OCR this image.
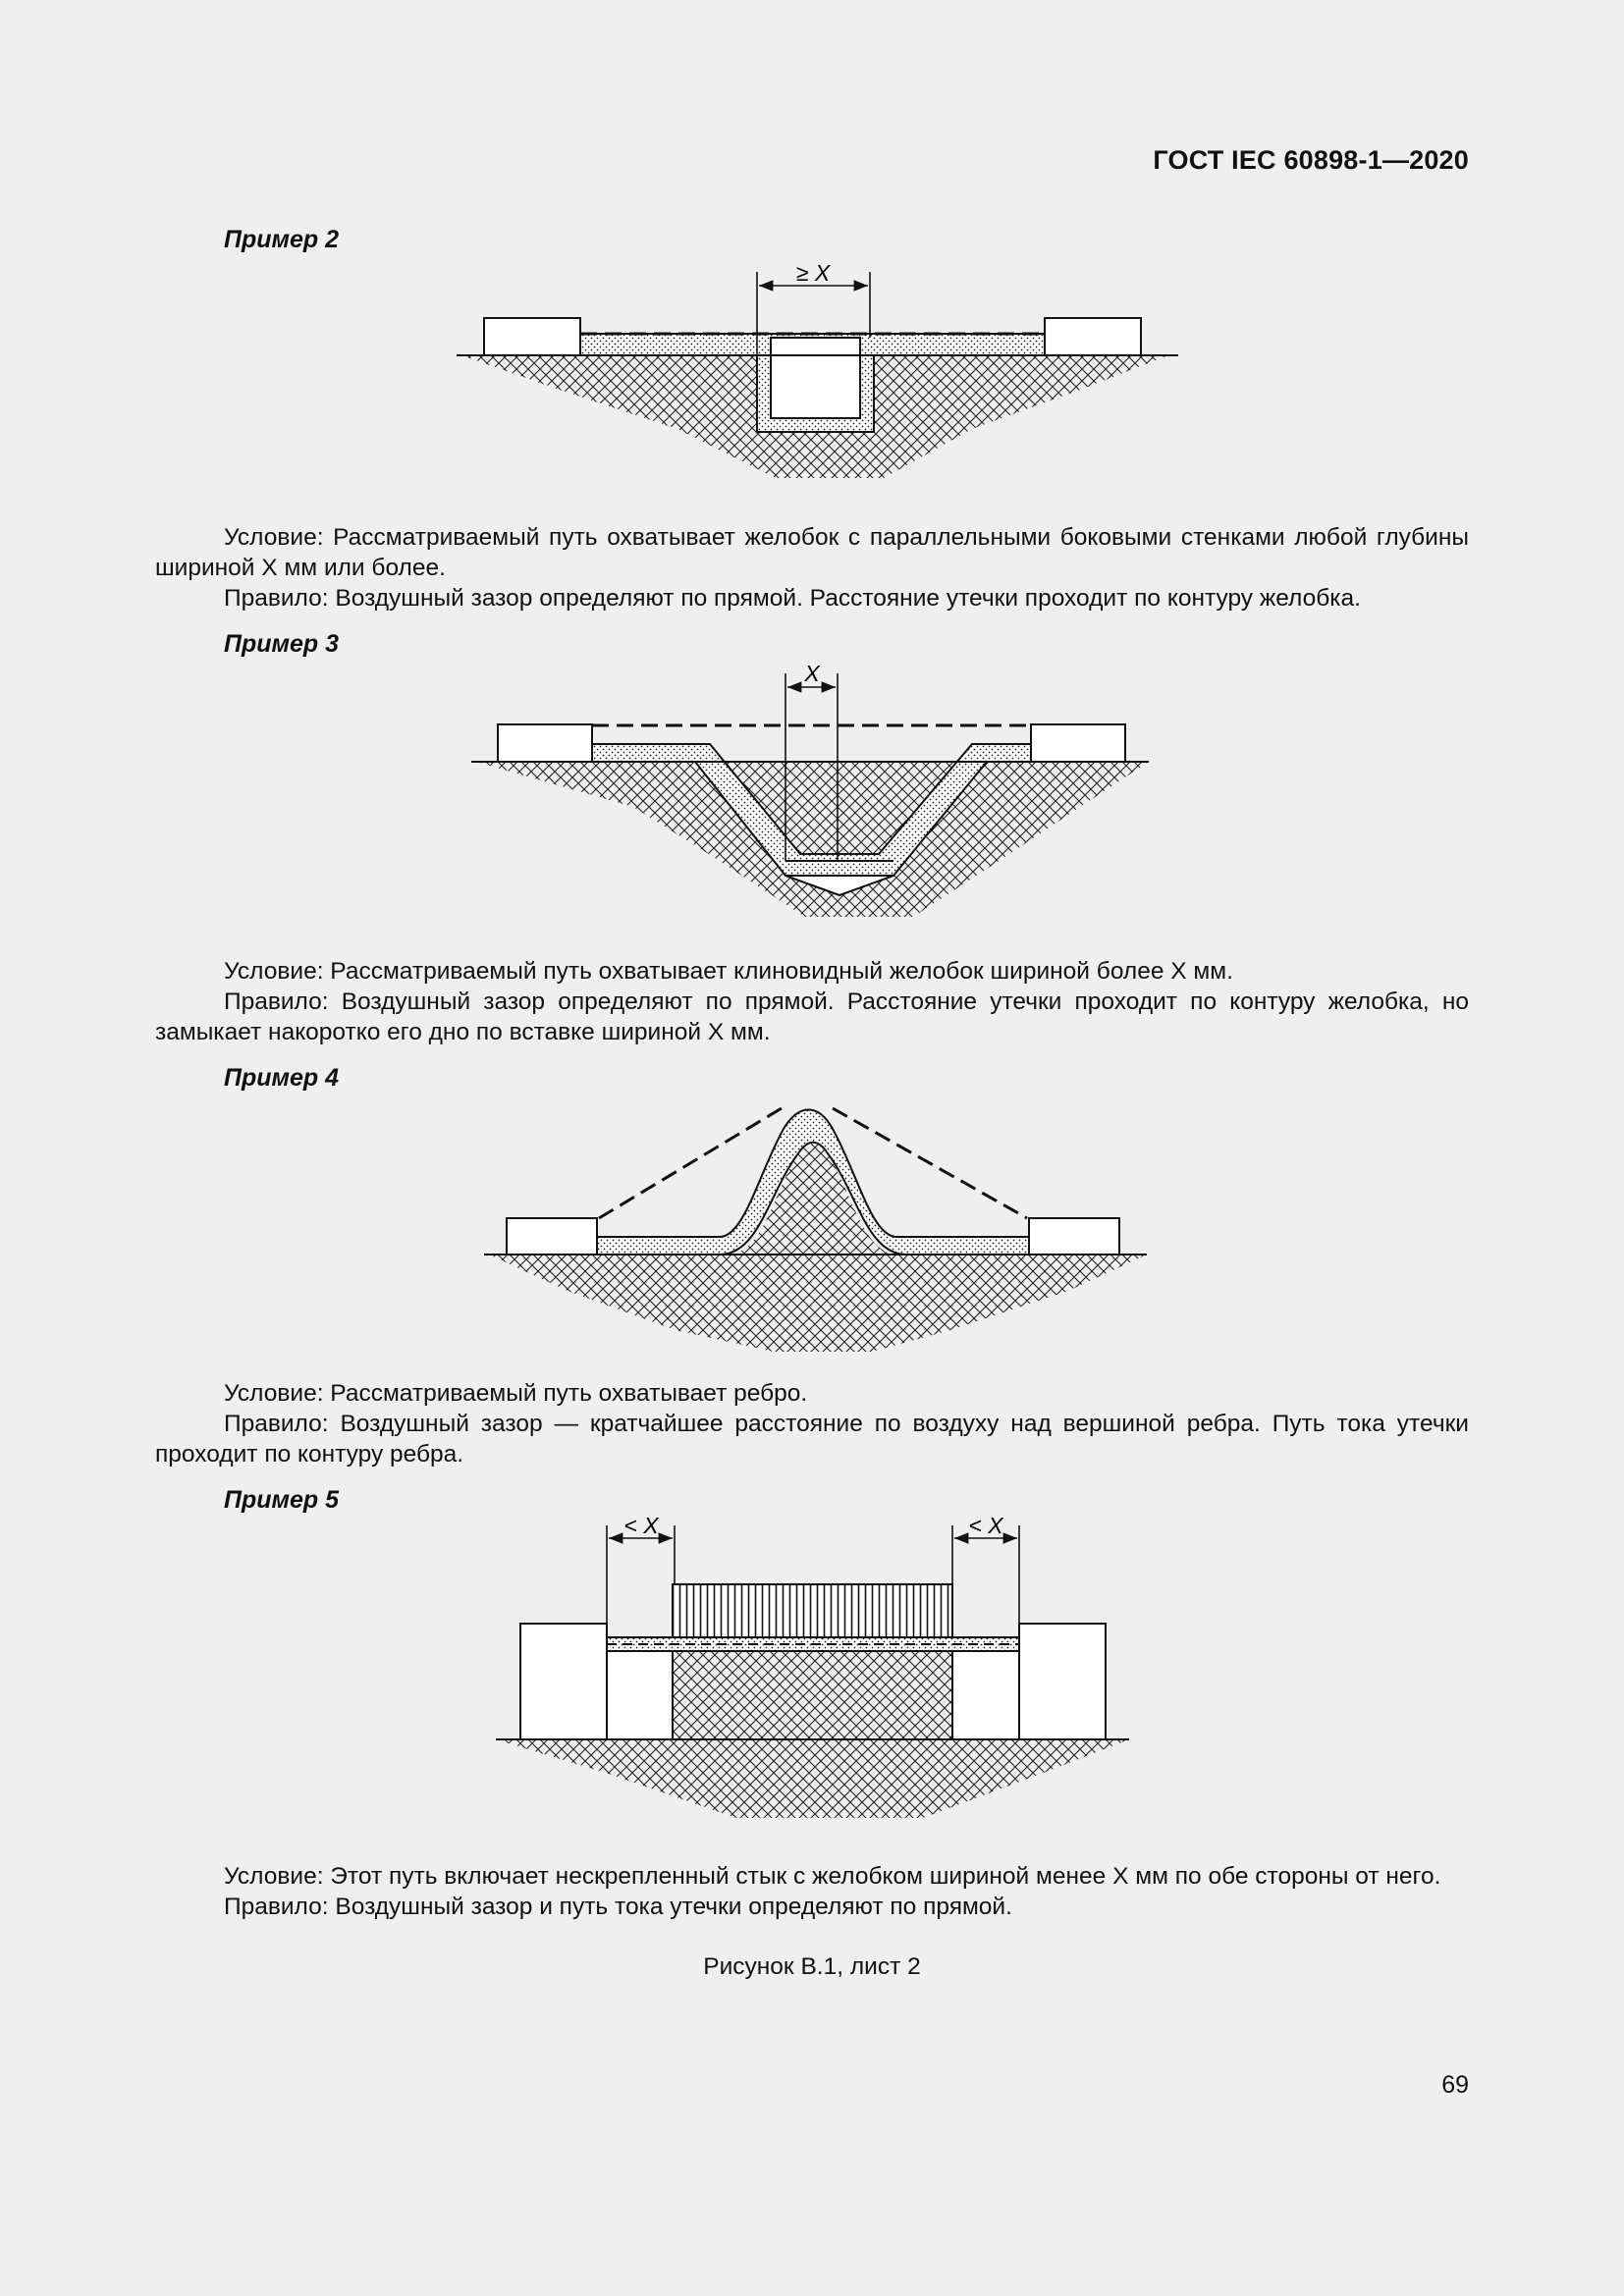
ГОСТ IEC 60898-1—2020
Пример 2
≥ X

Условие: Рассматриваемый путь охватывает желобок с параллельными боковыми стенками любой глубины шириной X мм или более.

Правило: Воздушный зазор определяют по прямой. Расстояние утечки проходит по контуру желобка.

Пример 3
X

Условие: Рассматриваемый путь охватывает клиновидный желобок шириной более X мм.

Правило: Воздушный зазор определяют по прямой. Расстояние утечки проходит по контуру желобка, но замыкает накоротко его дно по вставке шириной X мм.

Пример 4

Условие: Рассматриваемый путь охватывает ребро.

Правило: Воздушный зазор — кратчайшее расстояние по воздуху над вершиной ребра. Путь тока утечки проходит по контуру ребра.

Пример 5
< X	< X

Условие: Этот путь включает нескрепленный стык с желобком шириной менее X мм по обе стороны от него.

Правило: Воздушный зазор и путь тока утечки определяют по прямой.

Рисунок В.1, лист 2
69
